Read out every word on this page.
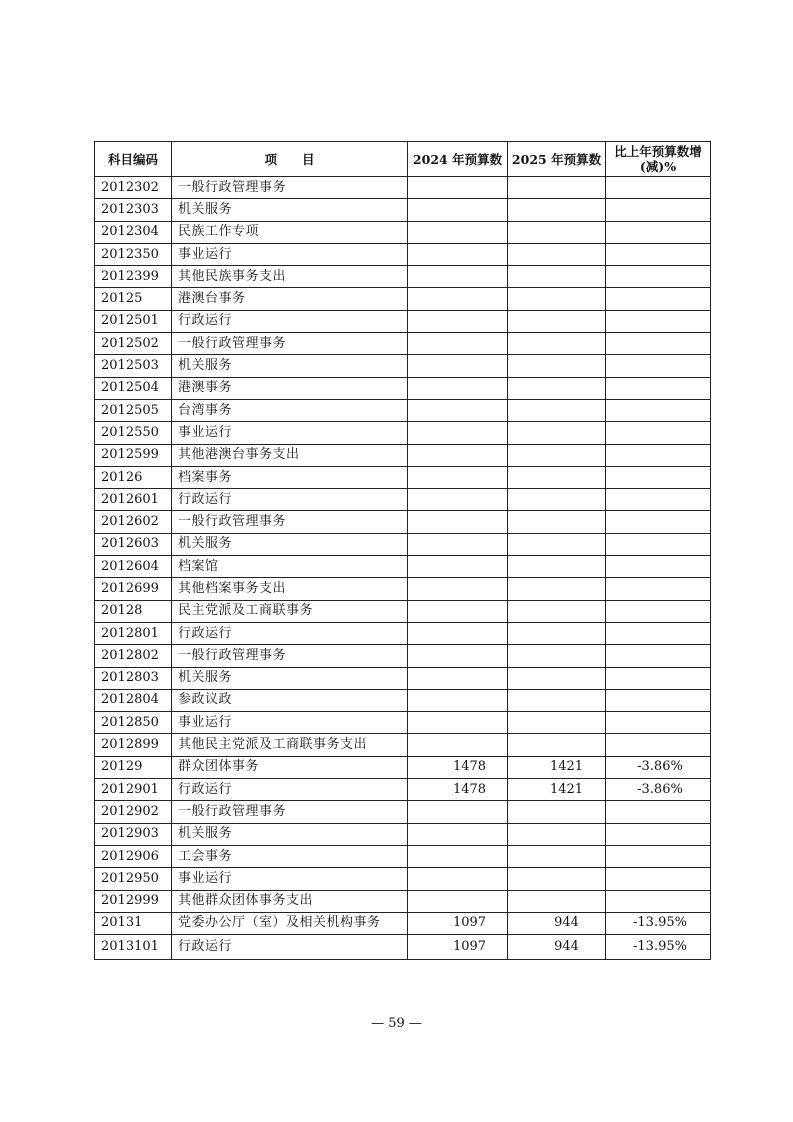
科目编码	项　　目	2024 年预算数	2025 年预算数	比上年预算数增 (减)%
2012302	一般行政管理事务			
2012303	机关服务			
2012304	民族工作专项			
2012350	事业运行			
2012399	其他民族事务支出			
20125	港澳台事务			
2012501	行政运行			
2012502	一般行政管理事务			
2012503	机关服务			
2012504	港澳事务			
2012505	台湾事务			
2012550	事业运行			
2012599	其他港澳台事务支出			
20126	档案事务			
2012601	行政运行			
2012602	一般行政管理事务			
2012603	机关服务			
2012604	档案馆			
2012699	其他档案事务支出			
20128	民主党派及工商联事务			
2012801	行政运行			
2012802	一般行政管理事务			
2012803	机关服务			
2012804	参政议政			
2012850	事业运行			
2012899	其他民主党派及工商联事务支出			
20129	群众团体事务	1478	1421	-3.86%
2012901	行政运行	1478	1421	-3.86%
2012902	一般行政管理事务			
2012903	机关服务			
2012906	工会事务			
2012950	事业运行			
2012999	其他群众团体事务支出			
20131	党委办公厅（室）及相关机构事务	1097	944	-13.95%
2013101	行政运行	1097	944	-13.95%
— 59 —
